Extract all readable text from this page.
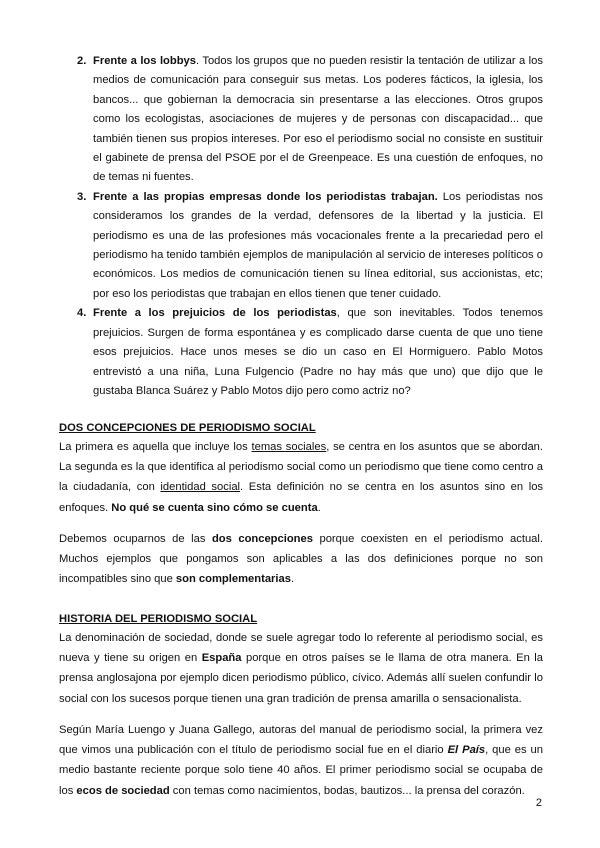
2. Frente a los lobbys. Todos los grupos que no pueden resistir la tentación de utilizar a los medios de comunicación para conseguir sus metas. Los poderes fácticos, la iglesia, los bancos... que gobiernan la democracia sin presentarse a las elecciones. Otros grupos como los ecologistas, asociaciones de mujeres y de personas con discapacidad... que también tienen sus propios intereses. Por eso el periodismo social no consiste en sustituir el gabinete de prensa del PSOE por el de Greenpeace. Es una cuestión de enfoques, no de temas ni fuentes.
3. Frente a las propias empresas donde los periodistas trabajan. Los periodistas nos consideramos los grandes de la verdad, defensores de la libertad y la justicia. El periodismo es una de las profesiones más vocacionales frente a la precariedad pero el periodismo ha tenido también ejemplos de manipulación al servicio de intereses políticos o económicos. Los medios de comunicación tienen su línea editorial, sus accionistas, etc; por eso los periodistas que trabajan en ellos tienen que tener cuidado.
4. Frente a los prejuicios de los periodistas, que son inevitables. Todos tenemos prejuicios. Surgen de forma espontánea y es complicado darse cuenta de que uno tiene esos prejuicios. Hace unos meses se dio un caso en El Hormiguero. Pablo Motos entrevistó a una niña, Luna Fulgencio (Padre no hay más que uno) que dijo que le gustaba Blanca Suárez y Pablo Motos dijo pero como actriz no?
DOS CONCEPCIONES DE PERIODISMO SOCIAL
La primera es aquella que incluye los temas sociales, se centra en los asuntos que se abordan. La segunda es la que identifica al periodismo social como un periodismo que tiene como centro a la ciudadanía, con identidad social. Esta definición no se centra en los asuntos sino en los enfoques. No qué se cuenta sino cómo se cuenta.
Debemos ocuparnos de las dos concepciones porque coexisten en el periodismo actual. Muchos ejemplos que pongamos son aplicables a las dos definiciones porque no son incompatibles sino que son complementarias.
HISTORIA DEL PERIODISMO SOCIAL
La denominación de sociedad, donde se suele agregar todo lo referente al periodismo social, es nueva y tiene su origen en España porque en otros países se le llama de otra manera. En la prensa anglosajona por ejemplo dicen periodismo público, cívico. Además allí suelen confundir lo social con los sucesos porque tienen una gran tradición de prensa amarilla o sensacionalista.
Según María Luengo y Juana Gallego, autoras del manual de periodismo social, la primera vez que vimos una publicación con el título de periodismo social fue en el diario El País, que es un medio bastante reciente porque solo tiene 40 años. El primer periodismo social se ocupaba de los ecos de sociedad con temas como nacimientos, bodas, bautizos... la prensa del corazón.
2
